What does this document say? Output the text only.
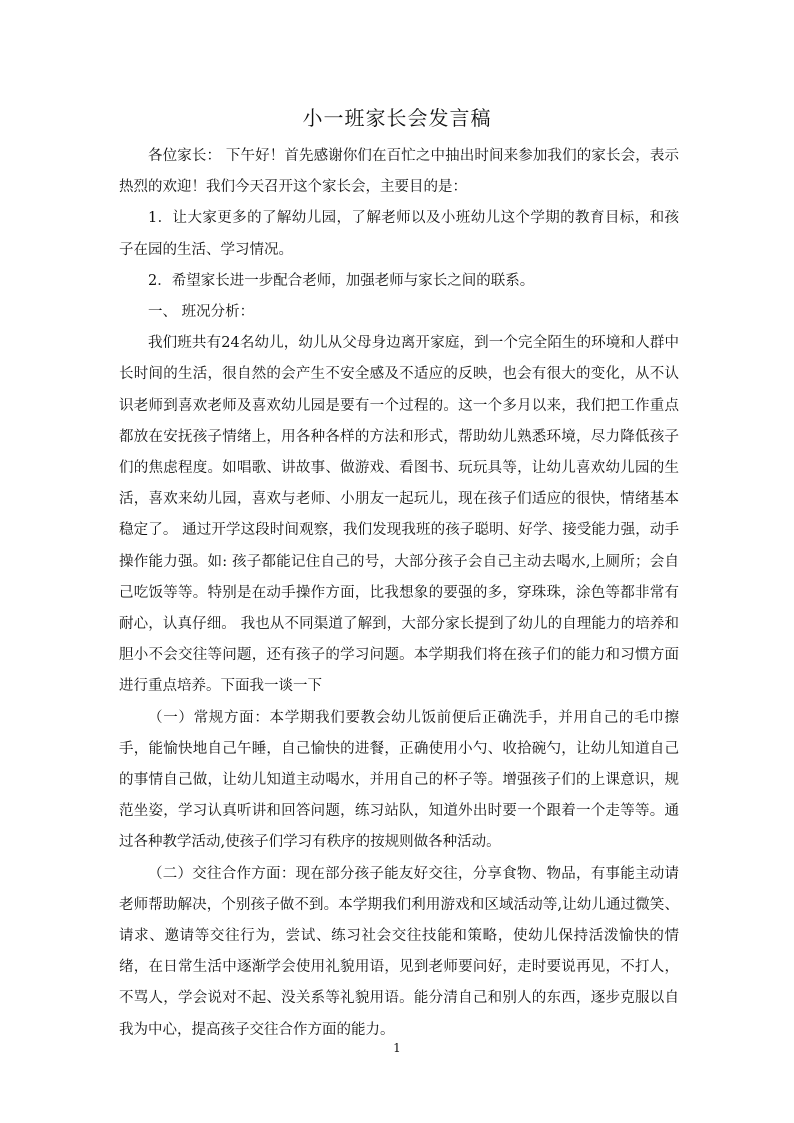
小一班家长会发言稿

各位家长： 下午好！首先感谢你们在百忙之中抽出时间来参加我们的家长会，表示热烈的欢迎！我们今天召开这个家长会，主要目的是：

1．让大家更多的了解幼儿园，了解老师以及小班幼儿这个学期的教育目标，和孩子在园的生活、学习情况。

2．希望家长进一步配合老师，加强老师与家长之间的联系。

一、 班况分析：

我们班共有24名幼儿，幼儿从父母身边离开家庭，到一个完全陌生的环境和人群中长时间的生活，很自然的会产生不安全感及不适应的反映，也会有很大的变化，从不认识老师到喜欢老师及喜欢幼儿园是要有一个过程的。这一个多月以来，我们把工作重点都放在安抚孩子情绪上，用各种各样的方法和形式，帮助幼儿熟悉环境，尽力降低孩子们的焦虑程度。如唱歌、讲故事、做游戏、看图书、玩玩具等，让幼儿喜欢幼儿园的生活，喜欢来幼儿园，喜欢与老师、小朋友一起玩儿，现在孩子们适应的很快，情绪基本稳定了。 通过开学这段时间观察，我们发现我班的孩子聪明、好学、接受能力强，动手操作能力强。如: 孩子都能记住自己的号，大部分孩子会自己主动去喝水,上厕所；会自己吃饭等等。特别是在动手操作方面，比我想象的要强的多，穿珠珠，涂色等都非常有耐心，认真仔细。 我也从不同渠道了解到，大部分家长提到了幼儿的自理能力的培养和胆小不会交往等问题，还有孩子的学习问题。本学期我们将在孩子们的能力和习惯方面进行重点培养。下面我一谈一下

（一）常规方面：本学期我们要教会幼儿饭前便后正确洗手，并用自己的毛巾擦手，能愉快地自己午睡，自己愉快的进餐，正确使用小勺、收拾碗勺，让幼儿知道自己的事情自己做，让幼儿知道主动喝水，并用自己的杯子等。增强孩子们的上课意识，规范坐姿，学习认真听讲和回答问题，练习站队，知道外出时要一个跟着一个走等等。通过各种教学活动,使孩子们学习有秩序的按规则做各种活动。

（二）交往合作方面：现在部分孩子能友好交往，分享食物、物品，有事能主动请老师帮助解决，个别孩子做不到。本学期我们利用游戏和区域活动等,让幼儿通过微笑、请求、邀请等交往行为，尝试、练习社会交往技能和策略，使幼儿保持活泼愉快的情绪，在日常生活中逐渐学会使用礼貌用语，见到老师要问好，走时要说再见，不打人，不骂人，学会说对不起、没关系等礼貌用语。能分清自己和别人的东西，逐步克服以自我为中心，提高孩子交往合作方面的能力。

1
